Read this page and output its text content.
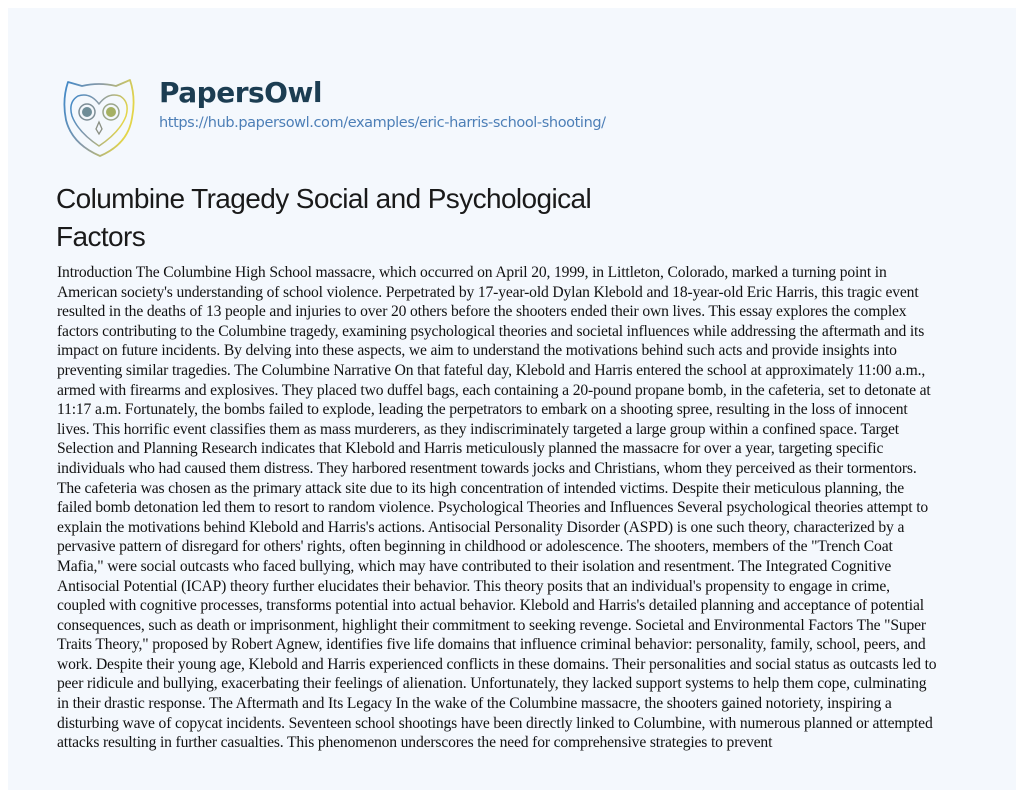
PapersOwl
https://hub.papersowl.com/examples/eric-harris-school-shooting/
Columbine Tragedy Social and Psychological
Factors
Introduction The Columbine High School massacre, which occurred on April 20, 1999, in Littleton, Colorado, marked a turning point in
American society's understanding of school violence. Perpetrated by 17-year-old Dylan Klebold and 18-year-old Eric Harris, this tragic event
resulted in the deaths of 13 people and injuries to over 20 others before the shooters ended their own lives. This essay explores the complex
factors contributing to the Columbine tragedy, examining psychological theories and societal influences while addressing the aftermath and its
impact on future incidents. By delving into these aspects, we aim to understand the motivations behind such acts and provide insights into
preventing similar tragedies. The Columbine Narrative On that fateful day, Klebold and Harris entered the school at approximately 11:00 a.m.,
armed with firearms and explosives. They placed two duffel bags, each containing a 20-pound propane bomb, in the cafeteria, set to detonate at
11:17 a.m. Fortunately, the bombs failed to explode, leading the perpetrators to embark on a shooting spree, resulting in the loss of innocent
lives. This horrific event classifies them as mass murderers, as they indiscriminately targeted a large group within a confined space. Target
Selection and Planning Research indicates that Klebold and Harris meticulously planned the massacre for over a year, targeting specific
individuals who had caused them distress. They harbored resentment towards jocks and Christians, whom they perceived as their tormentors.
The cafeteria was chosen as the primary attack site due to its high concentration of intended victims. Despite their meticulous planning, the
failed bomb detonation led them to resort to random violence. Psychological Theories and Influences Several psychological theories attempt to
explain the motivations behind Klebold and Harris's actions. Antisocial Personality Disorder (ASPD) is one such theory, characterized by a
pervasive pattern of disregard for others' rights, often beginning in childhood or adolescence. The shooters, members of the "Trench Coat
Mafia," were social outcasts who faced bullying, which may have contributed to their isolation and resentment. The Integrated Cognitive
Antisocial Potential (ICAP) theory further elucidates their behavior. This theory posits that an individual's propensity to engage in crime,
coupled with cognitive processes, transforms potential into actual behavior. Klebold and Harris's detailed planning and acceptance of potential
consequences, such as death or imprisonment, highlight their commitment to seeking revenge. Societal and Environmental Factors The "Super
Traits Theory," proposed by Robert Agnew, identifies five life domains that influence criminal behavior: personality, family, school, peers, and
work. Despite their young age, Klebold and Harris experienced conflicts in these domains. Their personalities and social status as outcasts led to
peer ridicule and bullying, exacerbating their feelings of alienation. Unfortunately, they lacked support systems to help them cope, culminating
in their drastic response. The Aftermath and Its Legacy In the wake of the Columbine massacre, the shooters gained notoriety, inspiring a
disturbing wave of copycat incidents. Seventeen school shootings have been directly linked to Columbine, with numerous planned or attempted
attacks resulting in further casualties. This phenomenon underscores the need for comprehensive strategies to prevent
